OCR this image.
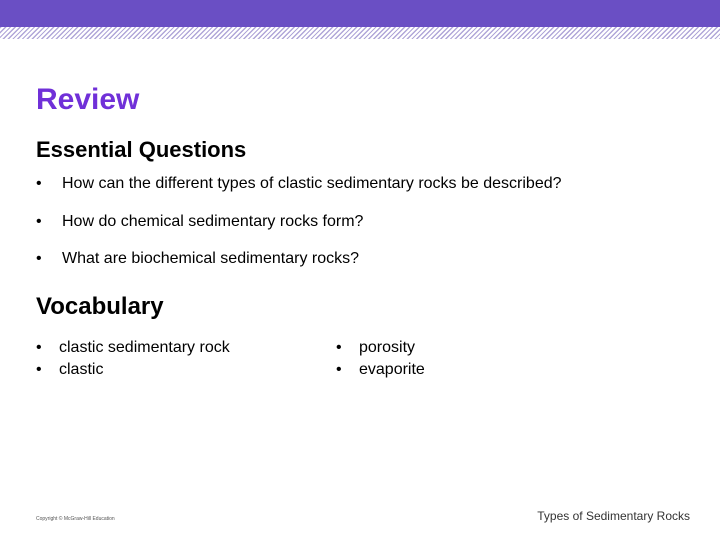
Review
Essential Questions
• How can the different types of clastic sedimentary rocks be described?
• How do chemical sedimentary rocks form?
• What are biochemical sedimentary rocks?
Vocabulary
• clastic sedimentary rock
• clastic
• porosity
• evaporite
Copyright © McGraw-Hill Education	Types of Sedimentary Rocks
